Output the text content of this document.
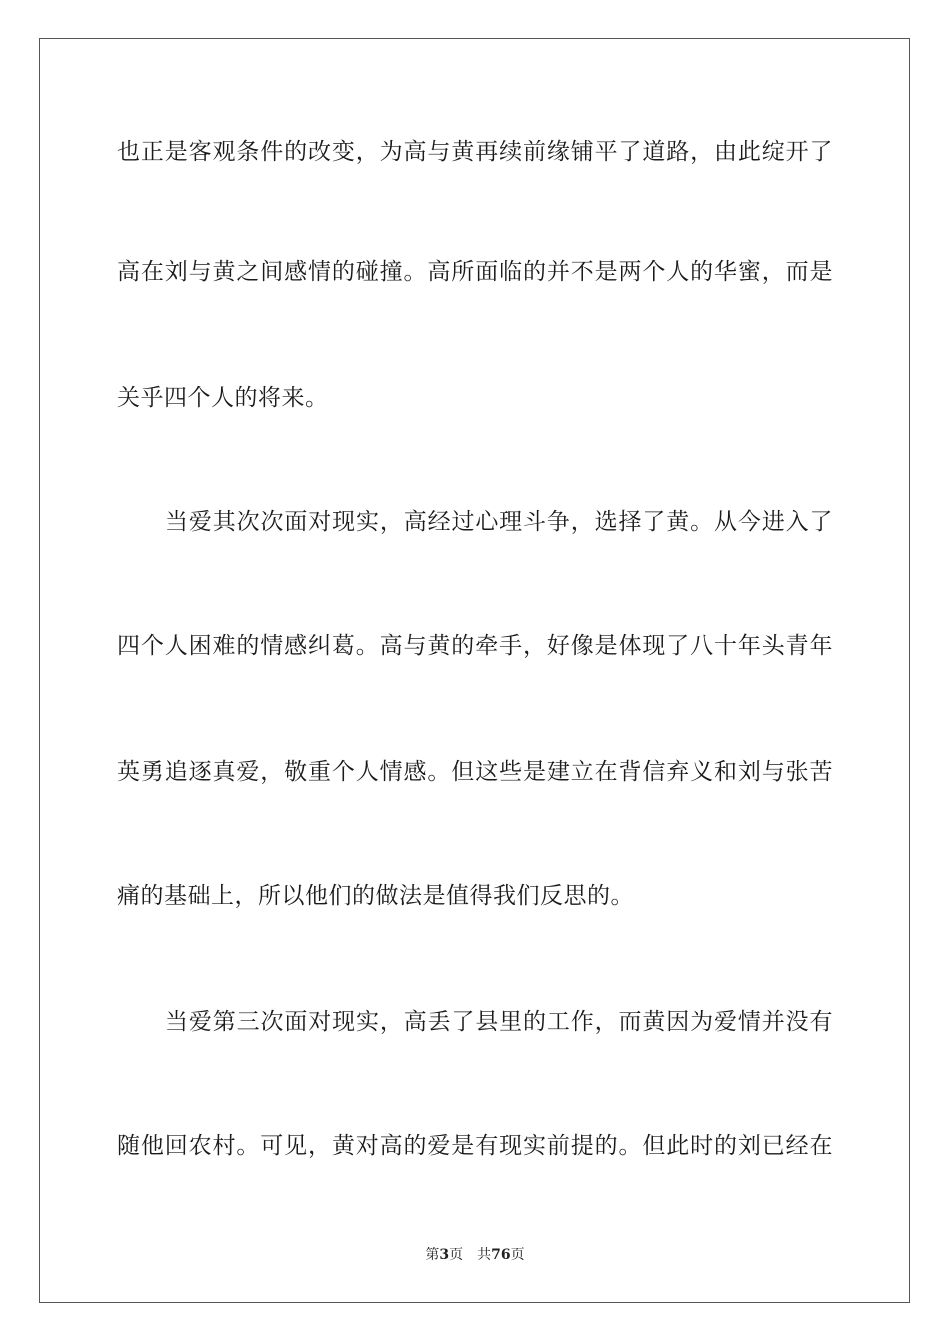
也正是客观条件的改变，为高与黄再续前缘铺平了道路，由此绽开了
高在刘与黄之间感情的碰撞。高所面临的并不是两个人的华蜜，而是
关乎四个人的将来。
当爱其次次面对现实，高经过心理斗争，选择了黄。从今进入了
四个人困难的情感纠葛。高与黄的牵手，好像是体现了八十年头青年
英勇追逐真爱，敬重个人情感。但这些是建立在背信弃义和刘与张苦
痛的基础上，所以他们的做法是值得我们反思的。
当爱第三次面对现实，高丢了县里的工作，而黄因为爱情并没有
随他回农村。可见，黄对高的爱是有现实前提的。但此时的刘已经在
第3页 共76页
